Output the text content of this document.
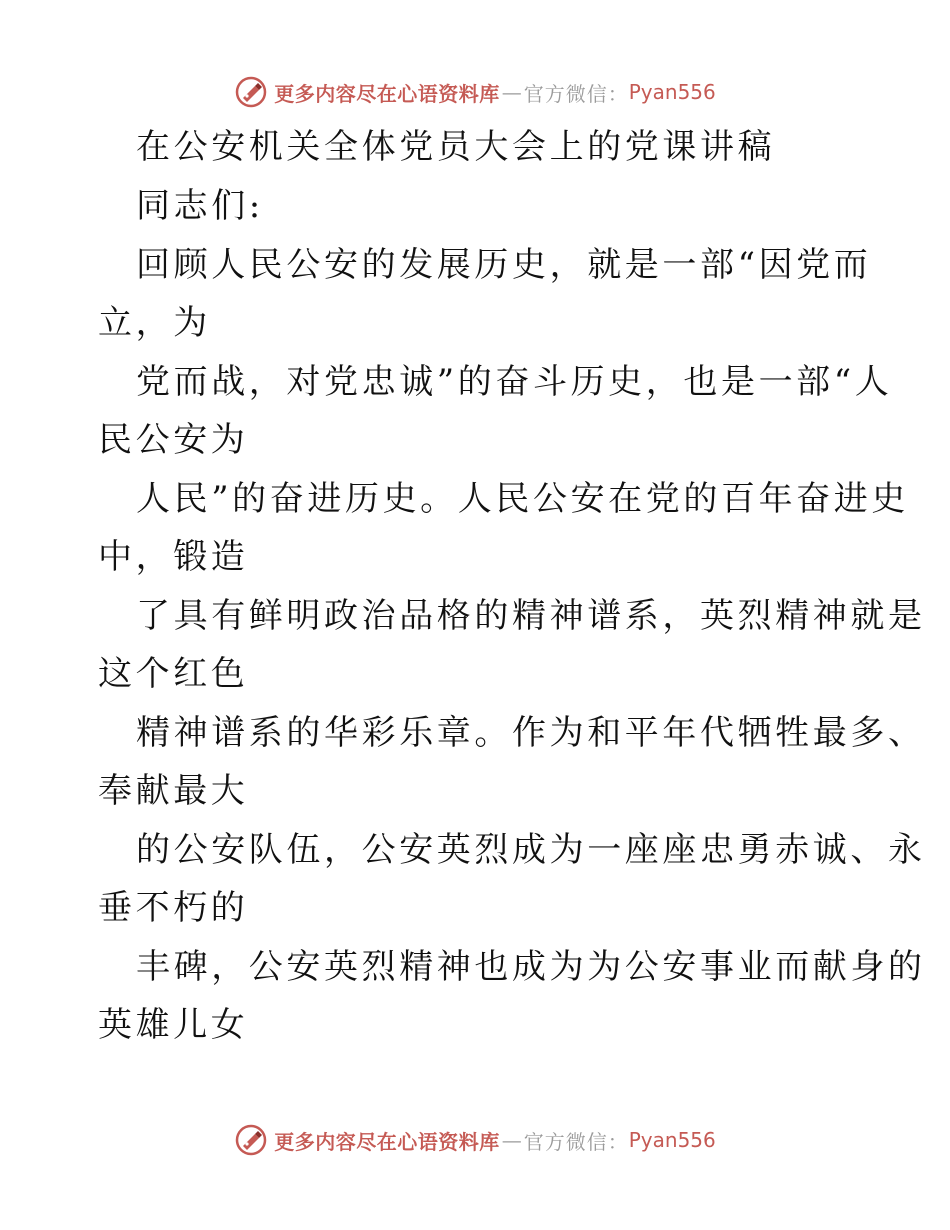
更多内容尽在心语资料库 — 官方微信： Pyan556
在公安机关全体党员大会上的党课讲稿
同志们:
回顾人民公安的发展历史，就是一部“因党而
立，为
党而战，对党忠诚”的奋斗历史，也是一部“人
民公安为
人民”的奋进历史。人民公安在党的百年奋进史
中，锻造
了具有鲜明政治品格的精神谱系，英烈精神就是
这个红色
精神谱系的华彩乐章。作为和平年代牺牲最多、
奉献最大
的公安队伍，公安英烈成为一座座忠勇赤诚、永
垂不朽的
丰碑，公安英烈精神也成为为公安事业而献身的
英雄儿女
更多内容尽在心语资料库 — 官方微信： Pyan556
